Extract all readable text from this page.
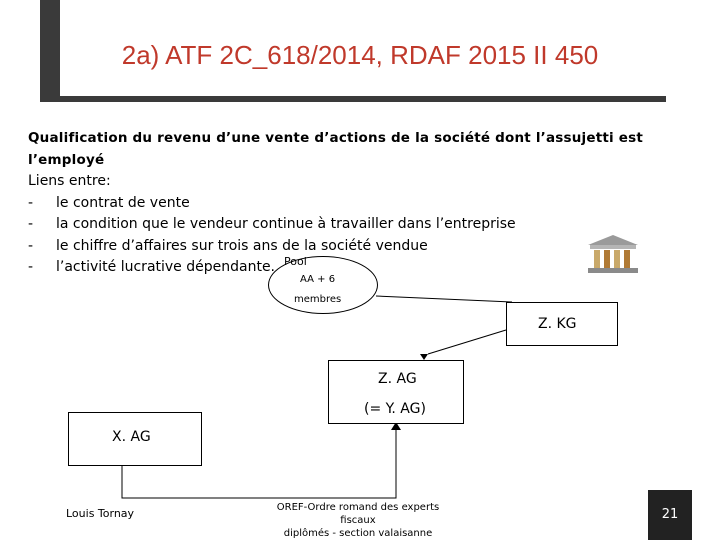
2a) ATF 2C_618/2014, RDAF 2015 II 450
Qualification du revenu d’une vente d’actions de la société dont l’assujetti est
l’employé
Liens entre:
-	le contrat de vente
-	la condition que le vendeur continue à travailler dans l’entreprise
-	le chiffre d’affaires sur trois ans de la société vendue
-	l’activité lucrative dépendante. Pool
AA + 6
membres
Z. KG
Z. AG
(= Y. AG)
X. AG
Louis Tornay	OREF-Ordre romand des experts fiscaux
diplômés - section valaisanne
21
